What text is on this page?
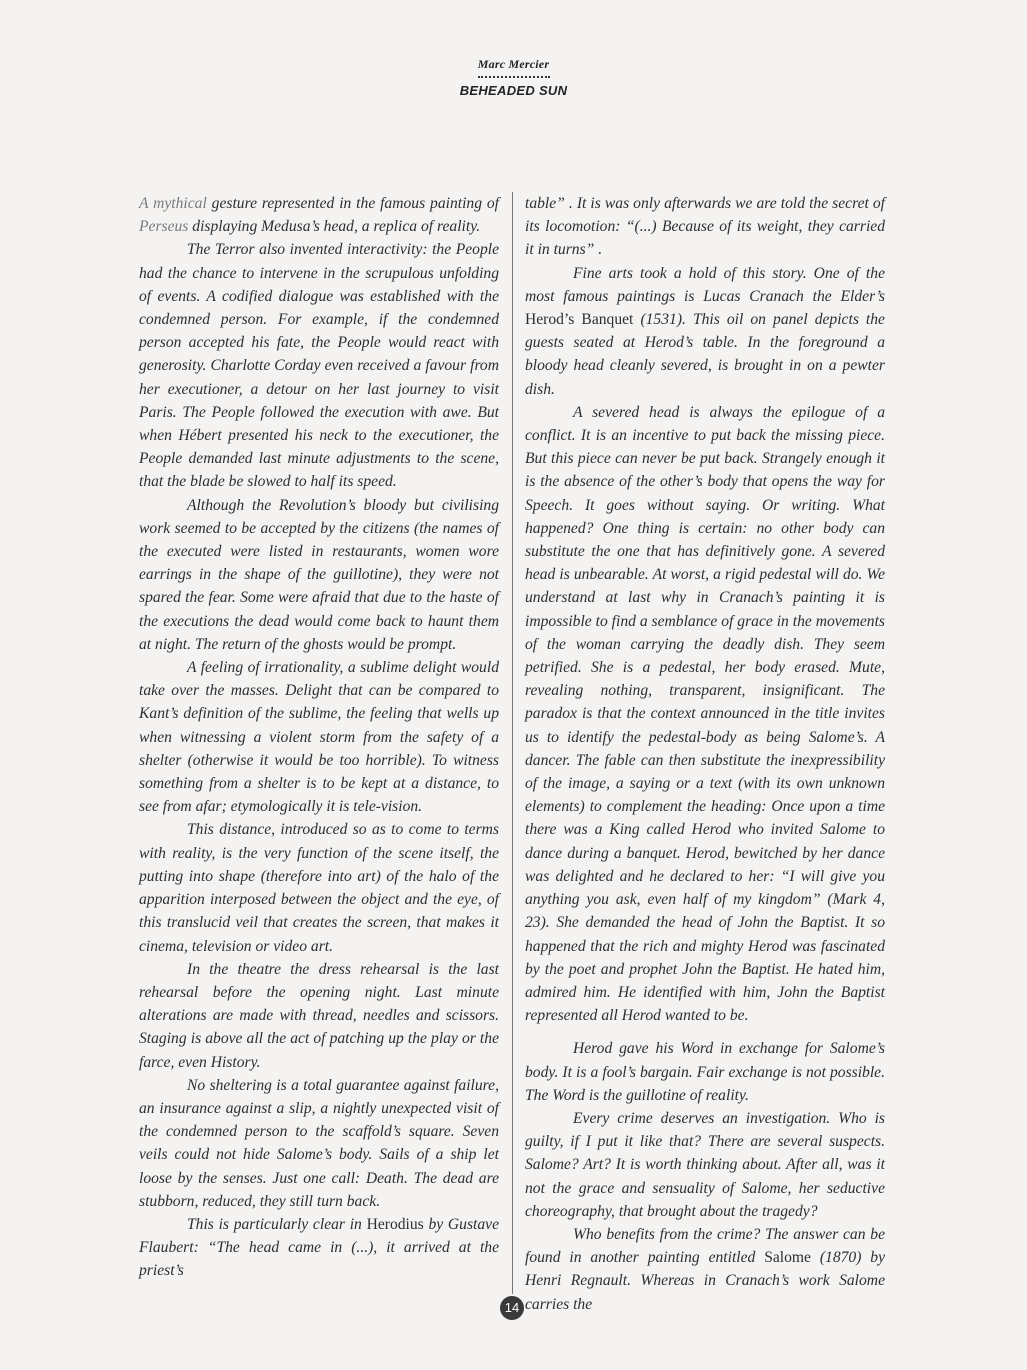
Marc Mercier
BEHEADED SUN

A mythical gesture represented in the famous painting of Perseus displaying Medusa’s head, a replica of reality.

The Terror also invented interactivity: the People had the chance to intervene in the scrupulous unfolding of events. A codified dialogue was established with the condemned person. For example, if the condemned person accepted his fate, the People would react with generosity. Charlotte Corday even received a favour from her executioner, a detour on her last journey to visit Paris. The People followed the execution with awe. But when Hébert presented his neck to the executioner, the People demanded last minute adjustments to the scene, that the blade be slowed to half its speed.

Although the Revolution’s bloody but civilising work seemed to be accepted by the citizens (the names of the executed were listed in restaurants, women wore earrings in the shape of the guillotine), they were not spared the fear. Some were afraid that due to the haste of the executions the dead would come back to haunt them at night. The return of the ghosts would be prompt.

A feeling of irrationality, a sublime delight would take over the masses. Delight that can be compared to Kant’s definition of the sublime, the feeling that wells up when witnessing a violent storm from the safety of a shelter (otherwise it would be too horrible). To witness something from a shelter is to be kept at a distance, to see from afar; etymologically it is tele-vision.

This distance, introduced so as to come to terms with reality, is the very function of the scene itself, the putting into shape (therefore into art) of the halo of the apparition interposed between the object and the eye, of this translucid veil that creates the screen, that makes it cinema, television or video art.

In the theatre the dress rehearsal is the last rehearsal before the opening night. Last minute alterations are made with thread, needles and scissors. Staging is above all the act of patching up the play or the farce, even History.

No sheltering is a total guarantee against failure, an insurance against a slip, a nightly unexpected visit of the condemned person to the scaffold’s square. Seven veils could not hide Salome’s body. Sails of a ship let loose by the senses. Just one call: Death. The dead are stubborn, reduced, they still turn back.

This is particularly clear in Herodius by Gustave Flaubert: “The head came in (...), it arrived at the priest’s

table” . It is was only afterwards we are told the secret of its locomotion: “(...) Because of its weight, they carried it in turns” .

Fine arts took a hold of this story. One of the most famous paintings is Lucas Cranach the Elder’s Herod’s Banquet (1531). This oil on panel depicts the guests seated at Herod’s table. In the foreground a bloody head cleanly severed, is brought in on a pewter dish.

A severed head is always the epilogue of a conflict. It is an incentive to put back the missing piece. But this piece can never be put back. Strangely enough it is the absence of the other’s body that opens the way for Speech. It goes without saying. Or writing. What happened? One thing is certain: no other body can substitute the one that has definitively gone. A severed head is unbearable. At worst, a rigid pedestal will do. We understand at last why in Cranach’s painting it is impossible to find a semblance of grace in the movements of the woman carrying the deadly dish. They seem petrified. She is a pedestal, her body erased. Mute, revealing nothing, transparent, insignificant. The paradox is that the context announced in the title invites us to identify the pedestal-body as being Salome’s. A dancer. The fable can then substitute the inexpressibility of the image, a saying or a text (with its own unknown elements) to complement the heading: Once upon a time there was a King called Herod who invited Salome to dance during a banquet. Herod, bewitched by her dance was delighted and he declared to her: “I will give you anything you ask, even half of my kingdom” (Mark 4, 23). She demanded the head of John the Baptist. It so happened that the rich and mighty Herod was fascinated by the poet and prophet John the Baptist. He hated him, admired him. He identified with him, John the Baptist represented all Herod wanted to be.

Herod gave his Word in exchange for Salome’s body. It is a fool’s bargain. Fair exchange is not possible. The Word is the guillotine of reality.

Every crime deserves an investigation. Who is guilty, if I put it like that? There are several suspects. Salome? Art? It is worth thinking about. After all, was it not the grace and sensuality of Salome, her seductive choreography, that brought about the tragedy?

Who benefits from the crime? The answer can be found in another painting entitled Salome (1870) by Henri Regnault. Whereas in Cranach’s work Salome carries the

14
